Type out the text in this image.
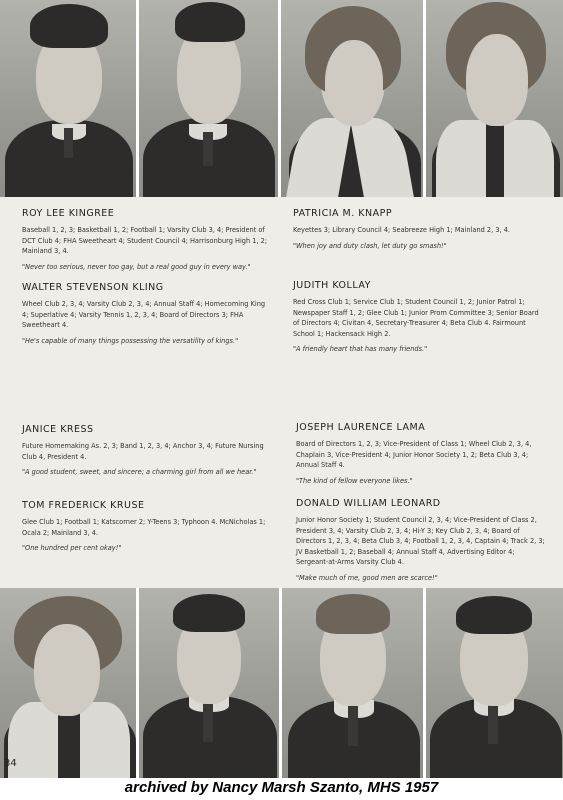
ROY LEE KINGREE

Baseball 1, 2, 3; Basketball 1, 2; Football 1; Varsity Club 3, 4; President of DCT Club 4; FHA Sweetheart 4; Student Council 4; Harrisonburg High 1, 2; Mainland 3, 4.

"Never too serious, never too gay, but a real good guy in every way."

WALTER STEVENSON KLING

Wheel Club 2, 3, 4; Varsity Club 2, 3, 4; Annual Staff 4; Homecoming King 4; Superlative 4; Varsity Tennis 1, 2, 3, 4; Board of Directors 3; FHA Sweetheart 4.

"He's capable of many things possessing the versatility of kings."

JANICE KRESS

Future Homemaking As. 2, 3; Band 1, 2, 3, 4; Anchor 3, 4; Future Nursing Club 4, President 4.

"A good student, sweet, and sincere; a charming girl from all we hear."

TOM FREDERICK KRUSE

Glee Club 1; Football 1; Katscorner 2; Y-Teens 3; Typhoon 4. McNicholas 1; Ocala 2; Mainland 3, 4.

"One hundred per cent okay!"

PATRICIA M. KNAPP

Keyettes 3; Library Council 4; Seabreeze High 1; Mainland 2, 3, 4.

"When joy and duty clash, let duty go smash!"

JUDITH KOLLAY

Red Cross Club 1; Service Club 1; Student Council 1, 2; Junior Patrol 1; Newspaper Staff 1, 2; Glee Club 1; Junior Prom Committee 3; Senior Board of Directors 4; Civitan 4, Secretary-Treasurer 4; Beta Club 4. Fairmount School 1; Hackensack High 2.

"A friendly heart that has many friends."

JOSEPH LAURENCE LAMA

Board of Directors 1, 2, 3; Vice-President of Class 1; Wheel Club 2, 3, 4, Chaplain 3, Vice-President 4; Junior Honor Society 1, 2; Beta Club 3, 4; Annual Staff 4.

"The kind of fellow everyone likes."

DONALD WILLIAM LEONARD

Junior Honor Society 1; Student Council 2, 3, 4; Vice-President of Class 2, President 3, 4; Varsity Club 2, 3, 4; Hi-Y 3; Key Club 2, 3, 4; Board of Directors 1, 2, 3, 4; Beta Club 3, 4; Football 1, 2, 3, 4, Captain 4; Track 2, 3; JV Basketball 1, 2; Baseball 4; Annual Staff 4, Advertising Editor 4; Sergeant-at-Arms Varsity Club 4.

"Make much of me, good men are scarce!"

34
archived by Nancy Marsh Szanto, MHS 1957
